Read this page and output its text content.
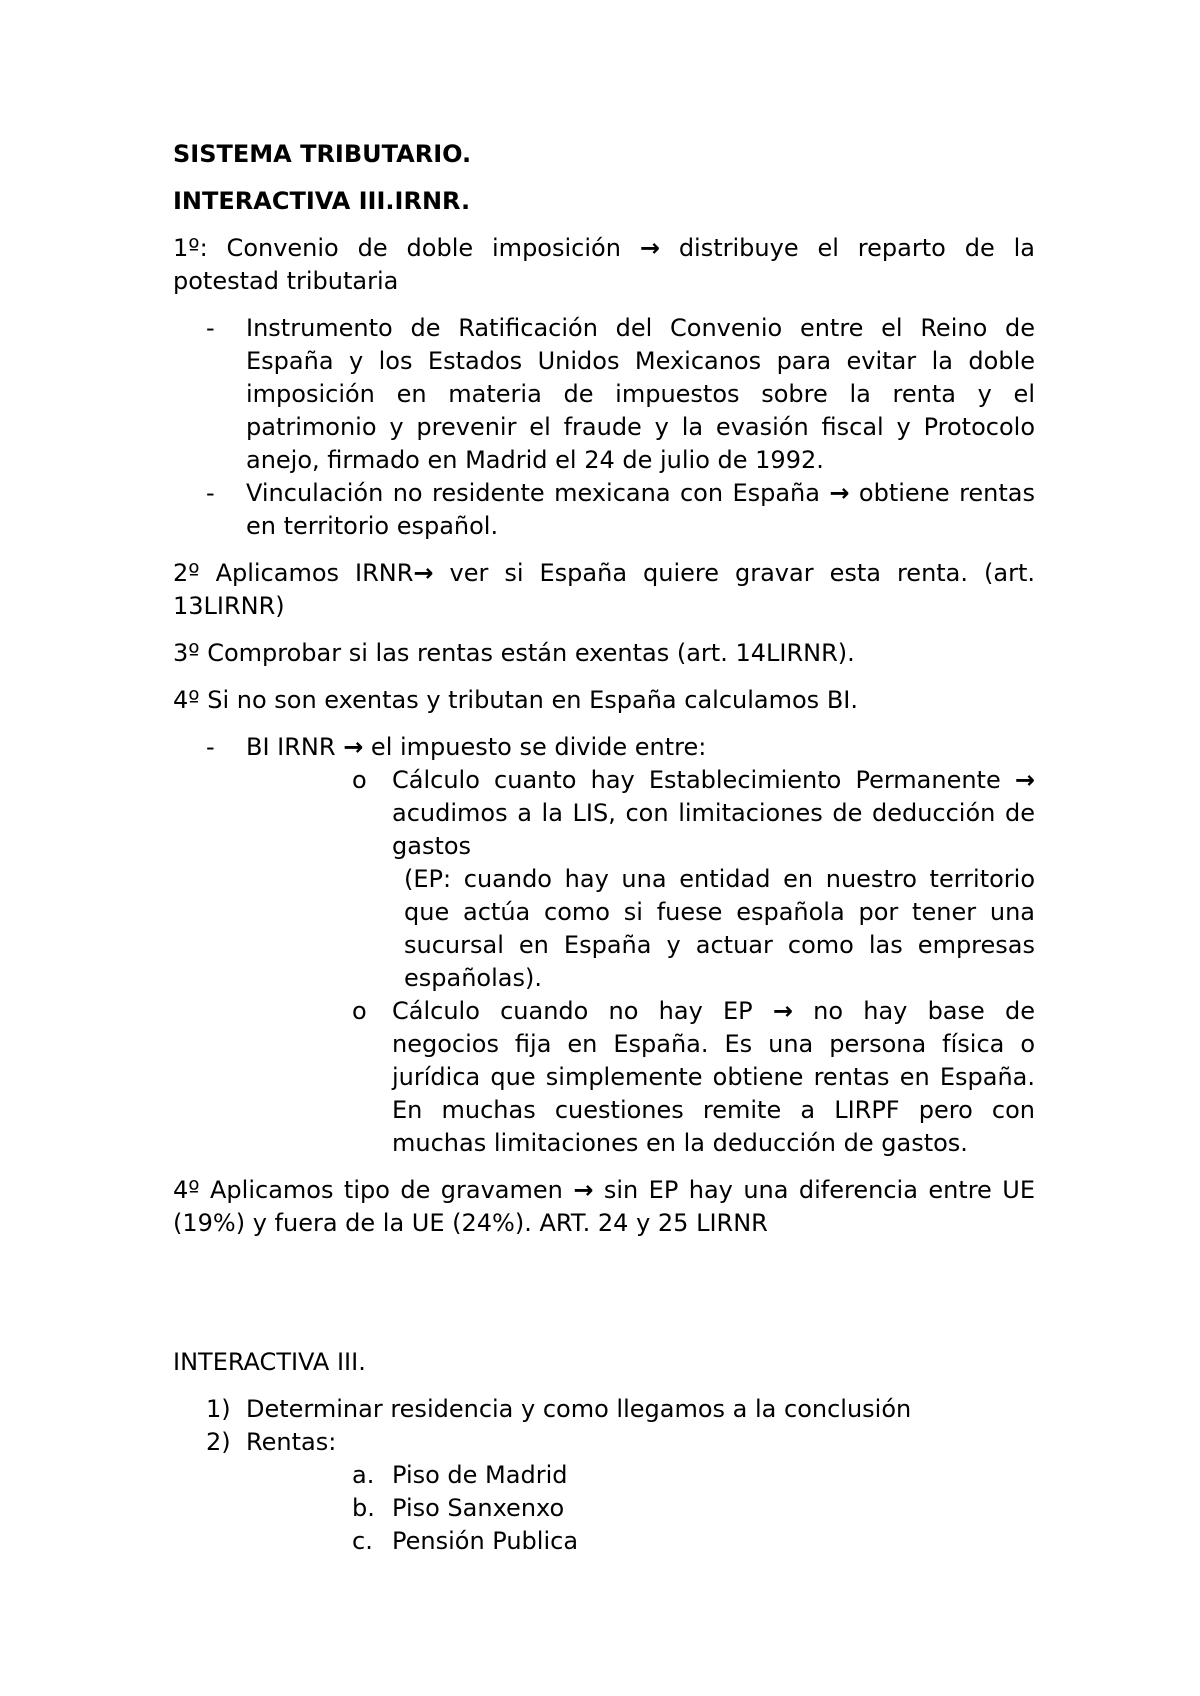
SISTEMA TRIBUTARIO.
INTERACTIVA III.IRNR.
1º: Convenio de doble imposición → distribuye el reparto de la potestad tributaria
- Instrumento de Ratificación del Convenio entre el Reino de España y los Estados Unidos Mexicanos para evitar la doble imposición en materia de impuestos sobre la renta y el patrimonio y prevenir el fraude y la evasión fiscal y Protocolo anejo, firmado en Madrid el 24 de julio de 1992.
- Vinculación no residente mexicana con España → obtiene rentas en territorio español.
2º Aplicamos IRNR→ ver si España quiere gravar esta renta. (art. 13LIRNR)
3º Comprobar si las rentas están exentas (art. 14LIRNR).
4º Si no son exentas y tributan en España calculamos BI.
- BI IRNR → el impuesto se divide entre:
o Cálculo cuanto hay Establecimiento Permanente → acudimos a la LIS, con limitaciones de deducción de gastos
(EP: cuando hay una entidad en nuestro territorio que actúa como si fuese española por tener una sucursal en España y actuar como las empresas españolas).
o Cálculo cuando no hay EP → no hay base de negocios fija en España. Es una persona física o jurídica que simplemente obtiene rentas en España. En muchas cuestiones remite a LIRPF pero con muchas limitaciones en la deducción de gastos.
4º Aplicamos tipo de gravamen → sin EP hay una diferencia entre UE (19%) y fuera de la UE (24%). ART. 24 y 25 LIRNR
INTERACTIVA III.
1) Determinar residencia y como llegamos a la conclusión
2) Rentas:
a. Piso de Madrid
b. Piso Sanxenxo
c. Pensión Publica
